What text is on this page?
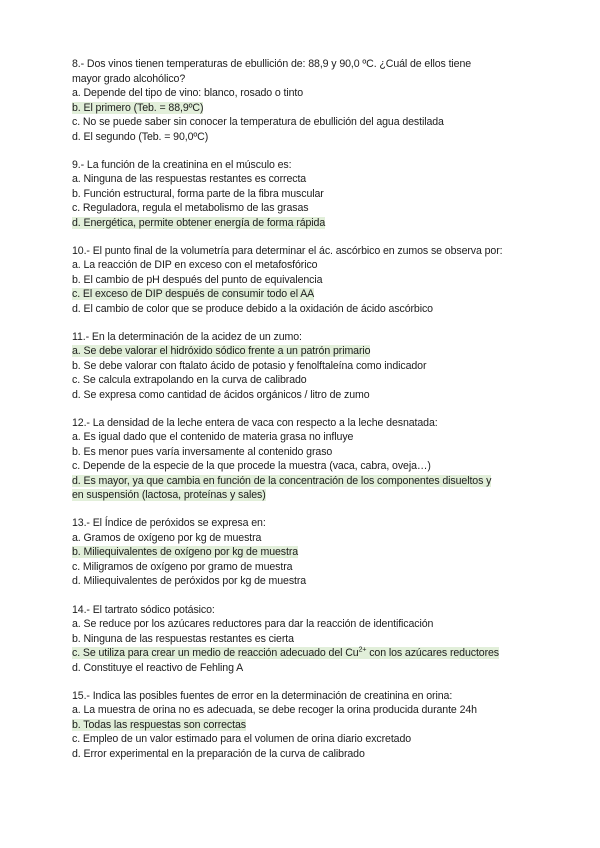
8.- Dos vinos tienen temperaturas de ebullición de: 88,9 y 90,0 ºC. ¿Cuál de ellos tiene
mayor grado alcohólico?
a. Depende del tipo de vino: blanco, rosado o tinto
b. El primero (Teb. = 88,9ºC)
c. No se puede saber sin conocer la temperatura de ebullición del agua destilada
d. El segundo (Teb. = 90,0ºC)
9.- La función de la creatinina en el músculo es:
a. Ninguna de las respuestas restantes es correcta
b. Función estructural, forma parte de la fibra muscular
c. Reguladora, regula el metabolismo de las grasas
d. Energética, permite obtener energía de forma rápida
10.- El punto final de la volumetría para determinar el ác. ascórbico en zumos se observa por:
a. La reacción de DIP en exceso con el metafosfórico
b. El cambio de pH después del punto de equivalencia
c. El exceso de DIP después de consumir todo el AA
d. El cambio de color que se produce debido a la oxidación de ácido ascórbico
11.- En la determinación de la acidez de un zumo:
a. Se debe valorar el hidróxido sódico frente a un patrón primario
b. Se debe valorar con ftalato ácido de potasio y fenolftaleína como indicador
c. Se calcula extrapolando en la curva de calibrado
d. Se expresa como cantidad de ácidos orgánicos / litro de zumo
12.- La densidad de la leche entera de vaca con respecto a la leche desnatada:
a. Es igual dado que el contenido de materia grasa no influye
b. Es menor pues varía inversamente al contenido graso
c. Depende de la especie de la que procede la muestra (vaca, cabra, oveja…)
d. Es mayor, ya que cambia en función de la concentración de los componentes disueltos y
en suspensión (lactosa, proteínas y sales)
13.- El Índice de peróxidos se expresa en:
a. Gramos de oxígeno por kg de muestra
b. Miliequivalentes de oxígeno por kg de muestra
c. Miligramos de oxígeno por gramo de muestra
d. Miliequivalentes de peróxidos por kg de muestra
14.- El tartrato sódico potásico:
a. Se reduce por los azúcares reductores para dar la reacción de identificación
b. Ninguna de las respuestas restantes es cierta
c. Se utiliza para crear un medio de reacción adecuado del $Cu^{2+}$ con los azúcares reductores
d. Constituye el reactivo de Fehling A
15.- Indica las posibles fuentes de error en la determinación de creatinina en orina:
a. La muestra de orina no es adecuada, se debe recoger la orina producida durante 24h
b. Todas las respuestas son correctas
c. Empleo de un valor estimado para el volumen de orina diario excretado
d. Error experimental en la preparación de la curva de calibrado
